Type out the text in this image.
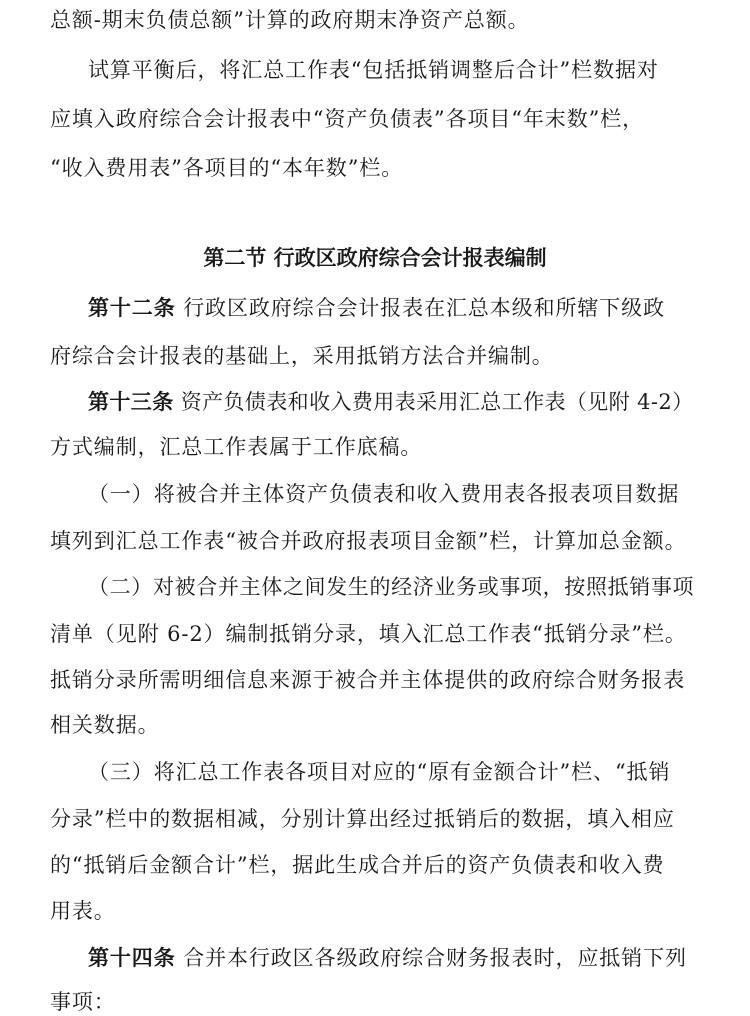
总额-期末负债总额”计算的政府期末净资产总额。
试算平衡后，将汇总工作表“包括抵销调整后合计”栏数据对
应填入政府综合会计报表中“资产负债表”各项目“年末数”栏，
“收入费用表”各项目的“本年数”栏。
第二节 行政区政府综合会计报表编制
第十二条 行政区政府综合会计报表在汇总本级和所辖下级政
府综合会计报表的基础上，采用抵销方法合并编制。
第十三条 资产负债表和收入费用表采用汇总工作表（见附 4-2）
方式编制，汇总工作表属于工作底稿。
（一）将被合并主体资产负债表和收入费用表各报表项目数据
填列到汇总工作表“被合并政府报表项目金额”栏，计算加总金额。
（二）对被合并主体之间发生的经济业务或事项，按照抵销事项
清单（见附 6-2）编制抵销分录，填入汇总工作表“抵销分录”栏。
抵销分录所需明细信息来源于被合并主体提供的政府综合财务报表
相关数据。
（三）将汇总工作表各项目对应的“原有金额合计”栏、“抵销
分录”栏中的数据相减，分别计算出经过抵销后的数据，填入相应
的“抵销后金额合计”栏，据此生成合并后的资产负债表和收入费
用表。
第十四条 合并本行政区各级政府综合财务报表时，应抵销下列
事项：
